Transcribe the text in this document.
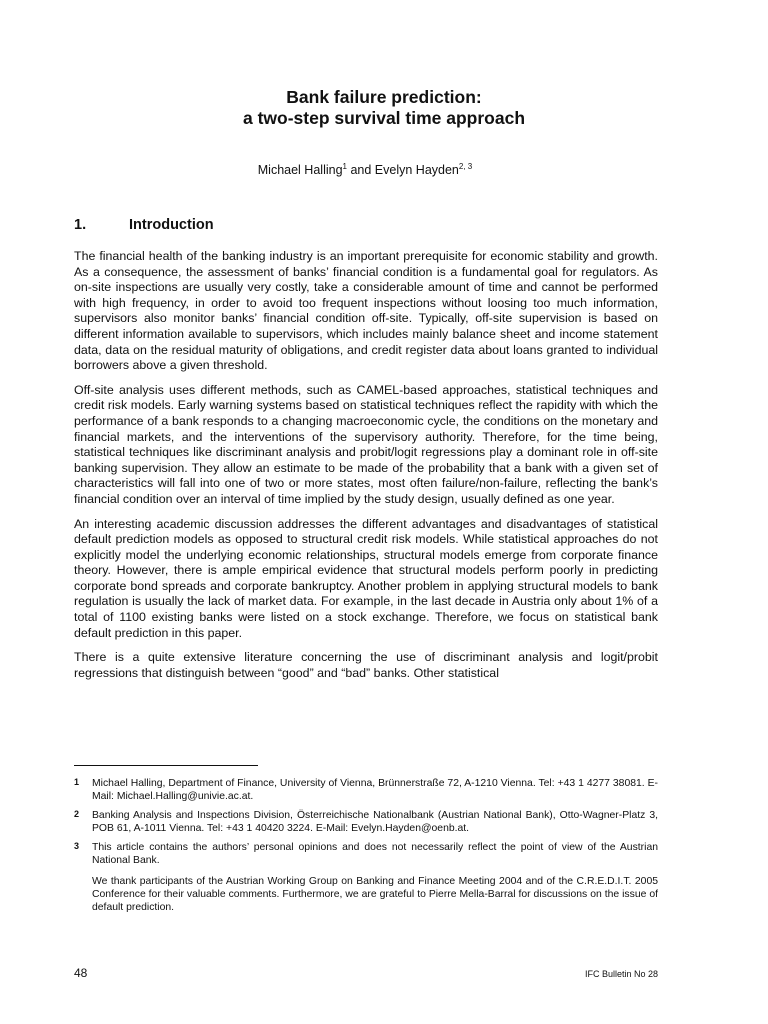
Bank failure prediction:
a two-step survival time approach
Michael Halling$^1$ and Evelyn Hayden$^{2, 3}$
1.	Introduction

The financial health of the banking industry is an important prerequisite for economic stability and growth. As a consequence, the assessment of banks’ financial condition is a fundamental goal for regulators. As on-site inspections are usually very costly, take a considerable amount of time and cannot be performed with high frequency, in order to avoid too frequent inspections without loosing too much information, supervisors also monitor banks’ financial condition off-site. Typically, off-site supervision is based on different information available to supervisors, which includes mainly balance sheet and income statement data, data on the residual maturity of obligations, and credit register data about loans granted to individual borrowers above a given threshold.

Off-site analysis uses different methods, such as CAMEL-based approaches, statistical techniques and credit risk models. Early warning systems based on statistical techniques reflect the rapidity with which the performance of a bank responds to a changing macroeconomic cycle, the conditions on the monetary and financial markets, and the interventions of the supervisory authority. Therefore, for the time being, statistical techniques like discriminant analysis and probit/logit regressions play a dominant role in off-site banking supervision. They allow an estimate to be made of the probability that a bank with a given set of characteristics will fall into one of two or more states, most often failure/non-failure, reflecting the bank’s financial condition over an interval of time implied by the study design, usually defined as one year.

An interesting academic discussion addresses the different advantages and disadvantages of statistical default prediction models as opposed to structural credit risk models. While statistical approaches do not explicitly model the underlying economic relationships, structural models emerge from corporate finance theory. However, there is ample empirical evidence that structural models perform poorly in predicting corporate bond spreads and corporate bankruptcy. Another problem in applying structural models to bank regulation is usually the lack of market data. For example, in the last decade in Austria only about 1% of a total of 1100 existing banks were listed on a stock exchange. Therefore, we focus on statistical bank default prediction in this paper.

There is a quite extensive literature concerning the use of discriminant analysis and logit/probit regressions that distinguish between “good” and “bad” banks. Other statistical

1	Michael Halling, Department of Finance, University of Vienna, Brünnerstraße 72, A-1210 Vienna. Tel: +43 1 4277 38081. E-Mail: Michael.Halling@univie.ac.at.
2	Banking Analysis and Inspections Division, Österreichische Nationalbank (Austrian National Bank), Otto-Wagner-Platz 3, POB 61, A-1011 Vienna. Tel: +43 1 40420 3224. E-Mail: Evelyn.Hayden@oenb.at.
3	This article contains the authors’ personal opinions and does not necessarily reflect the point of view of the Austrian National Bank.
We thank participants of the Austrian Working Group on Banking and Finance Meeting 2004 and of the C.R.E.D.I.T. 2005 Conference for their valuable comments. Furthermore, we are grateful to Pierre Mella-Barral for discussions on the issue of default prediction.
48	IFC Bulletin No 28
